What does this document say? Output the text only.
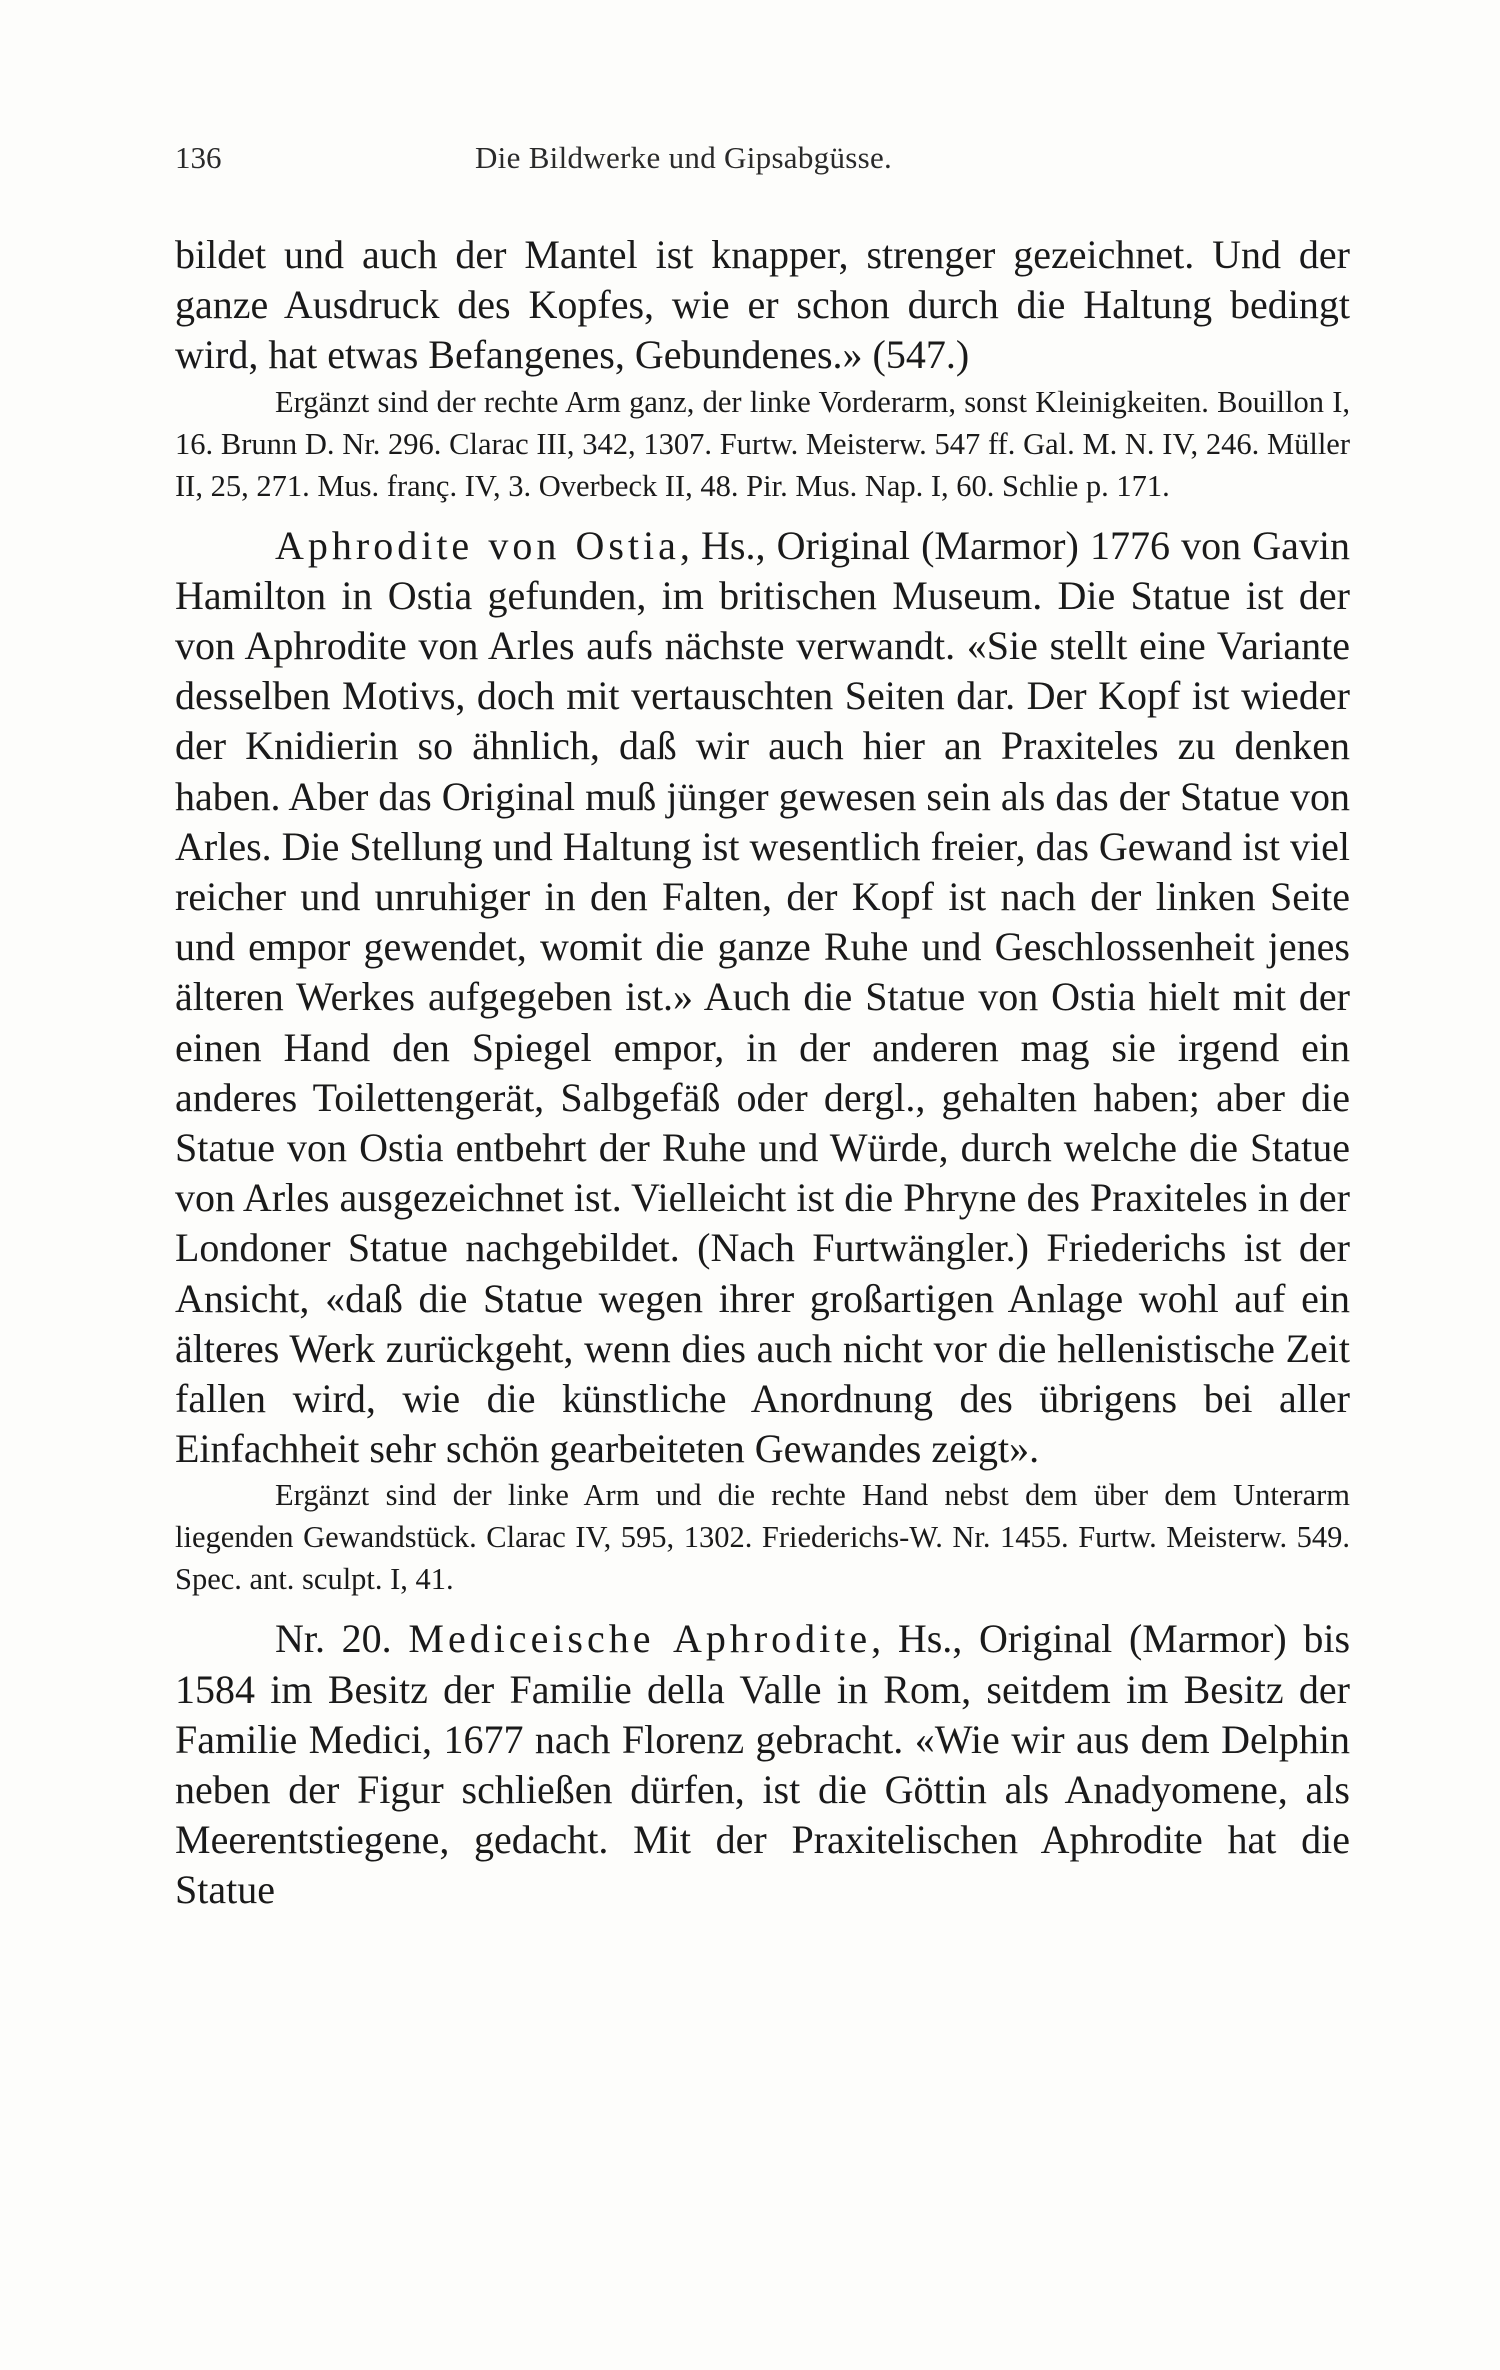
136	Die Bildwerke und Gipsabgüsse.

bildet und auch der Mantel ist knapper, strenger gezeichnet. Und der ganze Ausdruck des Kopfes, wie er schon durch die Haltung bedingt wird, hat etwas Befangenes, Gebundenes.» (547.)

Ergänzt sind der rechte Arm ganz, der linke Vorderarm, sonst Kleinigkeiten. Bouillon I, 16. Brunn D. Nr. 296. Clarac III, 342, 1307. Furtw. Meisterw. 547 ff. Gal. M. N. IV, 246. Müller II, 25, 271. Mus. franç. IV, 3. Overbeck II, 48. Pir. Mus. Nap. I, 60. Schlie p. 171.

Aphrodite von Ostia, Hs., Original (Marmor) 1776 von Gavin Hamilton in Ostia gefunden, im britischen Museum. Die Statue ist der von Aphrodite von Arles aufs nächste verwandt. «Sie stellt eine Variante desselben Motivs, doch mit vertauschten Seiten dar. Der Kopf ist wieder der Knidierin so ähnlich, daß wir auch hier an Praxiteles zu denken haben. Aber das Original muß jünger gewesen sein als das der Statue von Arles. Die Stellung und Haltung ist wesentlich freier, das Gewand ist viel reicher und unruhiger in den Falten, der Kopf ist nach der linken Seite und empor gewendet, womit die ganze Ruhe und Geschlossenheit jenes älteren Werkes aufgegeben ist.» Auch die Statue von Ostia hielt mit der einen Hand den Spiegel empor, in der anderen mag sie irgend ein anderes Toilettengerät, Salbgefäß oder dergl., gehalten haben; aber die Statue von Ostia entbehrt der Ruhe und Würde, durch welche die Statue von Arles ausgezeichnet ist. Vielleicht ist die Phryne des Praxiteles in der Londoner Statue nachgebildet. (Nach Furtwängler.) Friederichs ist der Ansicht, «daß die Statue wegen ihrer großartigen Anlage wohl auf ein älteres Werk zurückgeht, wenn dies auch nicht vor die hellenistische Zeit fallen wird, wie die künstliche Anordnung des übrigens bei aller Einfachheit sehr schön gearbeiteten Gewandes zeigt».

Ergänzt sind der linke Arm und die rechte Hand nebst dem über dem Unterarm liegenden Gewandstück. Clarac IV, 595, 1302. Friederichs-W. Nr. 1455. Furtw. Meisterw. 549. Spec. ant. sculpt. I, 41.

Nr. 20. Mediceische Aphrodite, Hs., Original (Marmor) bis 1584 im Besitz der Familie della Valle in Rom, seitdem im Besitz der Familie Medici, 1677 nach Florenz gebracht. «Wie wir aus dem Delphin neben der Figur schließen dürfen, ist die Göttin als Anadyomene, als Meerentstiegene, gedacht. Mit der Praxitelischen Aphrodite hat die Statue
